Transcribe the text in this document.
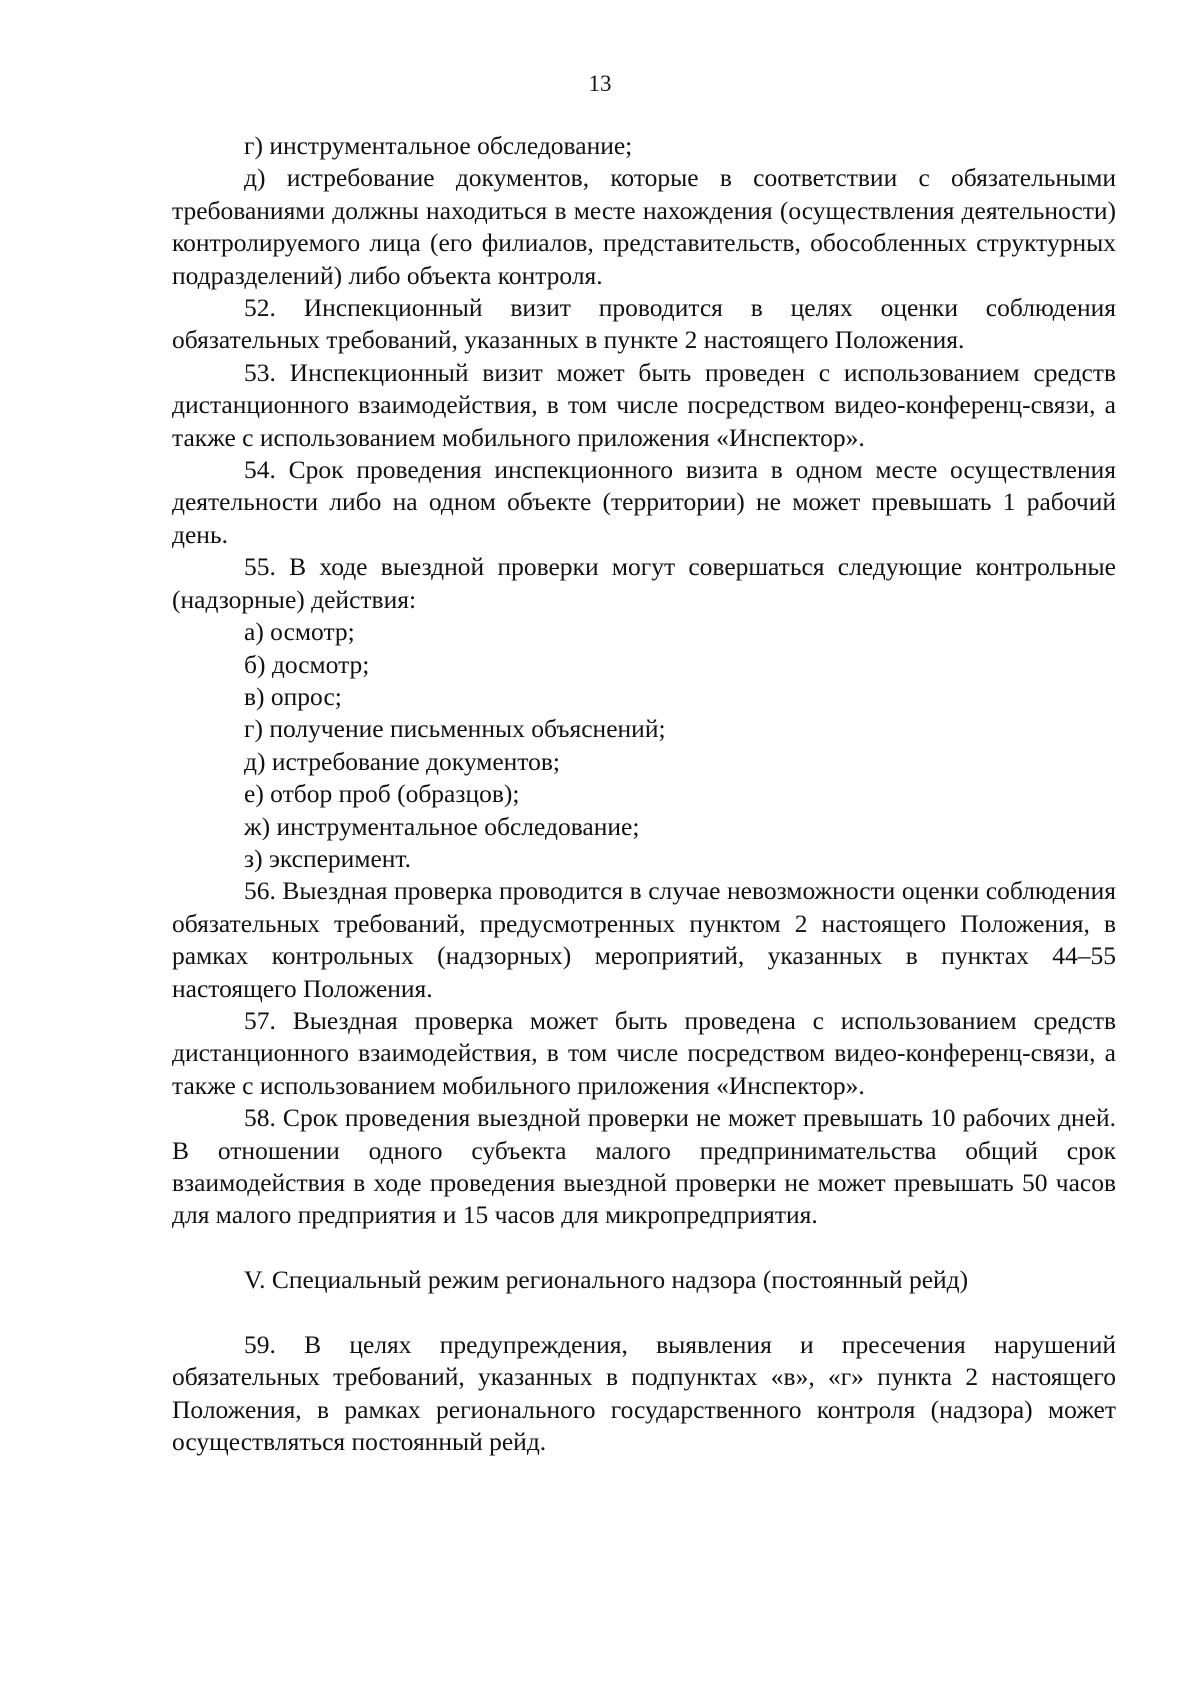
13

г) инструментальное обследование;

д) истребование документов, которые в соответствии с обязательными требованиями должны находиться в месте нахождения (осуществления деятельности) контролируемого лица (его филиалов, представительств, обособленных структурных подразделений) либо объекта контроля.

52. Инспекционный визит проводится в целях оценки соблюдения обязательных требований, указанных в пункте 2 настоящего Положения.

53. Инспекционный визит может быть проведен с использованием средств дистанционного взаимодействия, в том числе посредством видео-конференц-связи, а также с использованием мобильного приложения «Инспектор».

54. Срок проведения инспекционного визита в одном месте осуществления деятельности либо на одном объекте (территории) не может превышать 1 рабочий день.

55. В ходе выездной проверки могут совершаться следующие контрольные (надзорные) действия:

а) осмотр;

б) досмотр;

в) опрос;

г) получение письменных объяснений;

д) истребование документов;

е) отбор проб (образцов);

ж) инструментальное обследование;

з) эксперимент.

56. Выездная проверка проводится в случае невозможности оценки соблюдения обязательных требований, предусмотренных пунктом 2 настоящего Положения, в рамках контрольных (надзорных) мероприятий, указанных в пунктах 44–55 настоящего Положения.

57. Выездная проверка может быть проведена с использованием средств дистанционного взаимодействия, в том числе посредством видео-конференц-связи, а также с использованием мобильного приложения «Инспектор».

58. Срок проведения выездной проверки не может превышать 10 рабочих дней. В отношении одного субъекта малого предпринимательства общий срок взаимодействия в ходе проведения выездной проверки не может превышать 50 часов для малого предприятия и 15 часов для микропредприятия.

V. Специальный режим регионального надзора (постоянный рейд)

59. В целях предупреждения, выявления и пресечения нарушений обязательных требований, указанных в подпунктах «в», «г» пункта 2 настоящего Положения, в рамках регионального государственного контроля (надзора) может осуществляться постоянный рейд.
